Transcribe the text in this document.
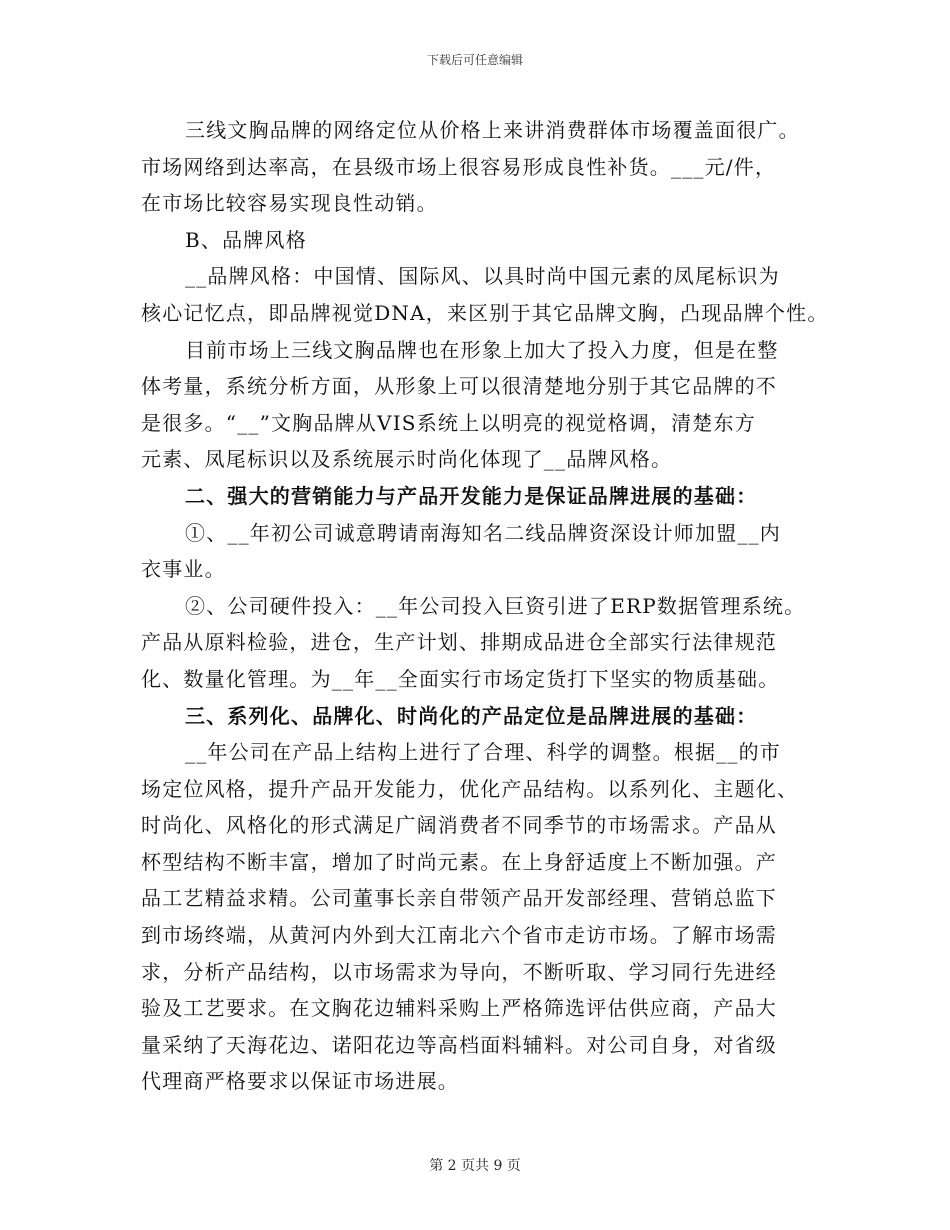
下载后可任意编辑
三线文胸品牌的网络定位从价格上来讲消费群体市场覆盖面很广。
市场网络到达率高，在县级市场上很容易形成良性补货。___元/件，
在市场比较容易实现良性动销。
B、品牌风格
__品牌风格：中国情、国际风、以具时尚中国元素的凤尾标识为
核心记忆点，即品牌视觉DNA，来区别于其它品牌文胸，凸现品牌个性。
目前市场上三线文胸品牌也在形象上加大了投入力度，但是在整
体考量，系统分析方面，从形象上可以很清楚地分别于其它品牌的不
是很多。“__”文胸品牌从VIS系统上以明亮的视觉格调，清楚东方
元素、凤尾标识以及系统展示时尚化体现了__品牌风格。
二、强大的营销能力与产品开发能力是保证品牌进展的基础：
①、__年初公司诚意聘请南海知名二线品牌资深设计师加盟__内
衣事业。
②、公司硬件投入：__年公司投入巨资引进了ERP数据管理系统。
产品从原料检验，进仓，生产计划、排期成品进仓全部实行法律规范
化、数量化管理。为__年__全面实行市场定货打下坚实的物质基础。
三、系列化、品牌化、时尚化的产品定位是品牌进展的基础：
__年公司在产品上结构上进行了合理、科学的调整。根据__的市
场定位风格，提升产品开发能力，优化产品结构。以系列化、主题化、
时尚化、风格化的形式满足广阔消费者不同季节的市场需求。产品从
杯型结构不断丰富，增加了时尚元素。在上身舒适度上不断加强。产
品工艺精益求精。公司董事长亲自带领产品开发部经理、营销总监下
到市场终端，从黄河内外到大江南北六个省市走访市场。了解市场需
求，分析产品结构，以市场需求为导向，不断听取、学习同行先进经
验及工艺要求。在文胸花边辅料采购上严格筛选评估供应商，产品大
量采纳了天海花边、诺阳花边等高档面料辅料。对公司自身，对省级
代理商严格要求以保证市场进展。
第 2 页共 9 页
